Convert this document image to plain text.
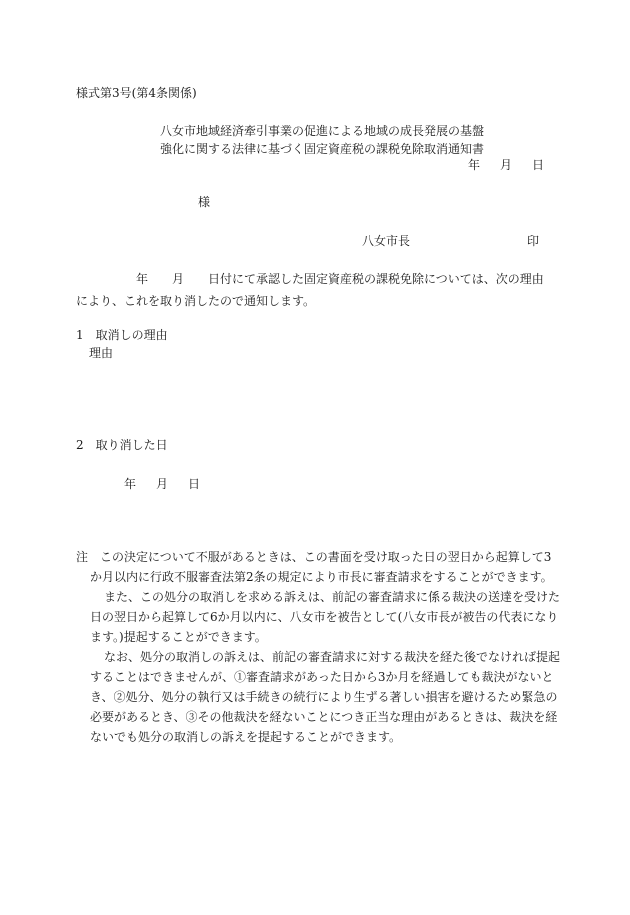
様式第3号(第4条関係)
八女市地域経済牽引事業の促進による地域の成長発展の基盤
強化に関する法律に基づく固定資産税の課税免除取消通知書
年 月 日
様
八女市長	印
年 月 日付にて承認した固定資産税の課税免除については、次の理由により、これを取り消したので通知します。
1 取消しの理由
理由
2 取り消した日
年 月 日

注 この決定について不服があるときは、この書面を受け取った日の翌日から起算して3か月以内に行政不服審査法第2条の規定により市長に審査請求をすることができます。

また、この処分の取消しを求める訴えは、前記の審査請求に係る裁決の送達を受けた日の翌日から起算して6か月以内に、八女市を被告として(八女市長が被告の代表になります。)提起することができます。

なお、処分の取消しの訴えは、前記の審査請求に対する裁決を経た後でなければ提起することはできませんが、①審査請求があった日から3か月を経過しても裁決がないとき、②処分、処分の執行又は手続きの続行により生ずる著しい損害を避けるため緊急の必要があるとき、③その他裁決を経ないことにつき正当な理由があるときは、裁決を経ないでも処分の取消しの訴えを提起することができます。
